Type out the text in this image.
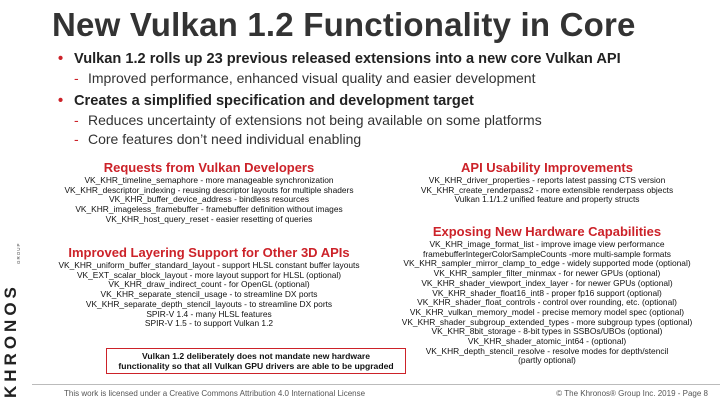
KHRONOS
GROUP
New Vulkan 1.2 Functionality in Core
• Vulkan 1.2 rolls up 23 previous released extensions into a new core Vulkan API
- Improved performance, enhanced visual quality and easier development
• Creates a simplified specification and development target
- Reduces uncertainty of extensions not being available on some platforms
- Core features don’t need individual enabling
Requests from Vulkan Developers
VK_KHR_timeline_semaphore - more manageable synchronization
VK_KHR_descriptor_indexing - reusing descriptor layouts for multiple shaders
VK_KHR_buffer_device_address - bindless resources
VK_KHR_imageless_framebuffer - framebuffer definition without images
VK_KHR_host_query_reset - easier resetting of queries
Improved Layering Support for Other 3D APIs
VK_KHR_uniform_buffer_standard_layout - support HLSL constant buffer layouts
VK_EXT_scalar_block_layout - more layout support for HLSL (optional)
VK_KHR_draw_indirect_count - for OpenGL (optional)
VK_KHR_separate_stencil_usage - to streamline DX ports
VK_KHR_separate_depth_stencil_layouts - to streamline DX ports
SPIR-V 1.4 - many HLSL features
SPIR-V 1.5 - to support Vulkan 1.2
API Usability Improvements
VK_KHR_driver_properties - reports latest passing CTS version
VK_KHR_create_renderpass2 - more extensible renderpass objects
Vulkan 1.1/1.2 unified feature and property structs
Exposing New Hardware Capabilities
VK_KHR_image_format_list - improve image view performance
framebufferIntegerColorSampleCounts -more multi-sample formats
VK_KHR_sampler_mirror_clamp_to_edge - widely supported mode (optional)
VK_KHR_sampler_filter_minmax - for newer GPUs (optional)
VK_KHR_shader_viewport_index_layer - for newer GPUs (optional)
VK_KHR_shader_float16_int8 - proper fp16 support (optional)
VK_KHR_shader_float_controls - control over rounding, etc. (optional)
VK_KHR_vulkan_memory_model - precise memory model spec (optional)
VK_KHR_shader_subgroup_extended_types - more subgroup types (optional)
VK_KHR_8bit_storage - 8-bit types in SSBOs/UBOs (optional)
VK_KHR_shader_atomic_int64 - (optional)
VK_KHR_depth_stencil_resolve - resolve modes for depth/stencil
(partly optional)
Vulkan 1.2 deliberately does not mandate new hardware
functionality so that all Vulkan GPU drivers are able to be upgraded
This work is licensed under a Creative Commons Attribution 4.0 International License	© The Khronos® Group Inc. 2019 - Page 8
